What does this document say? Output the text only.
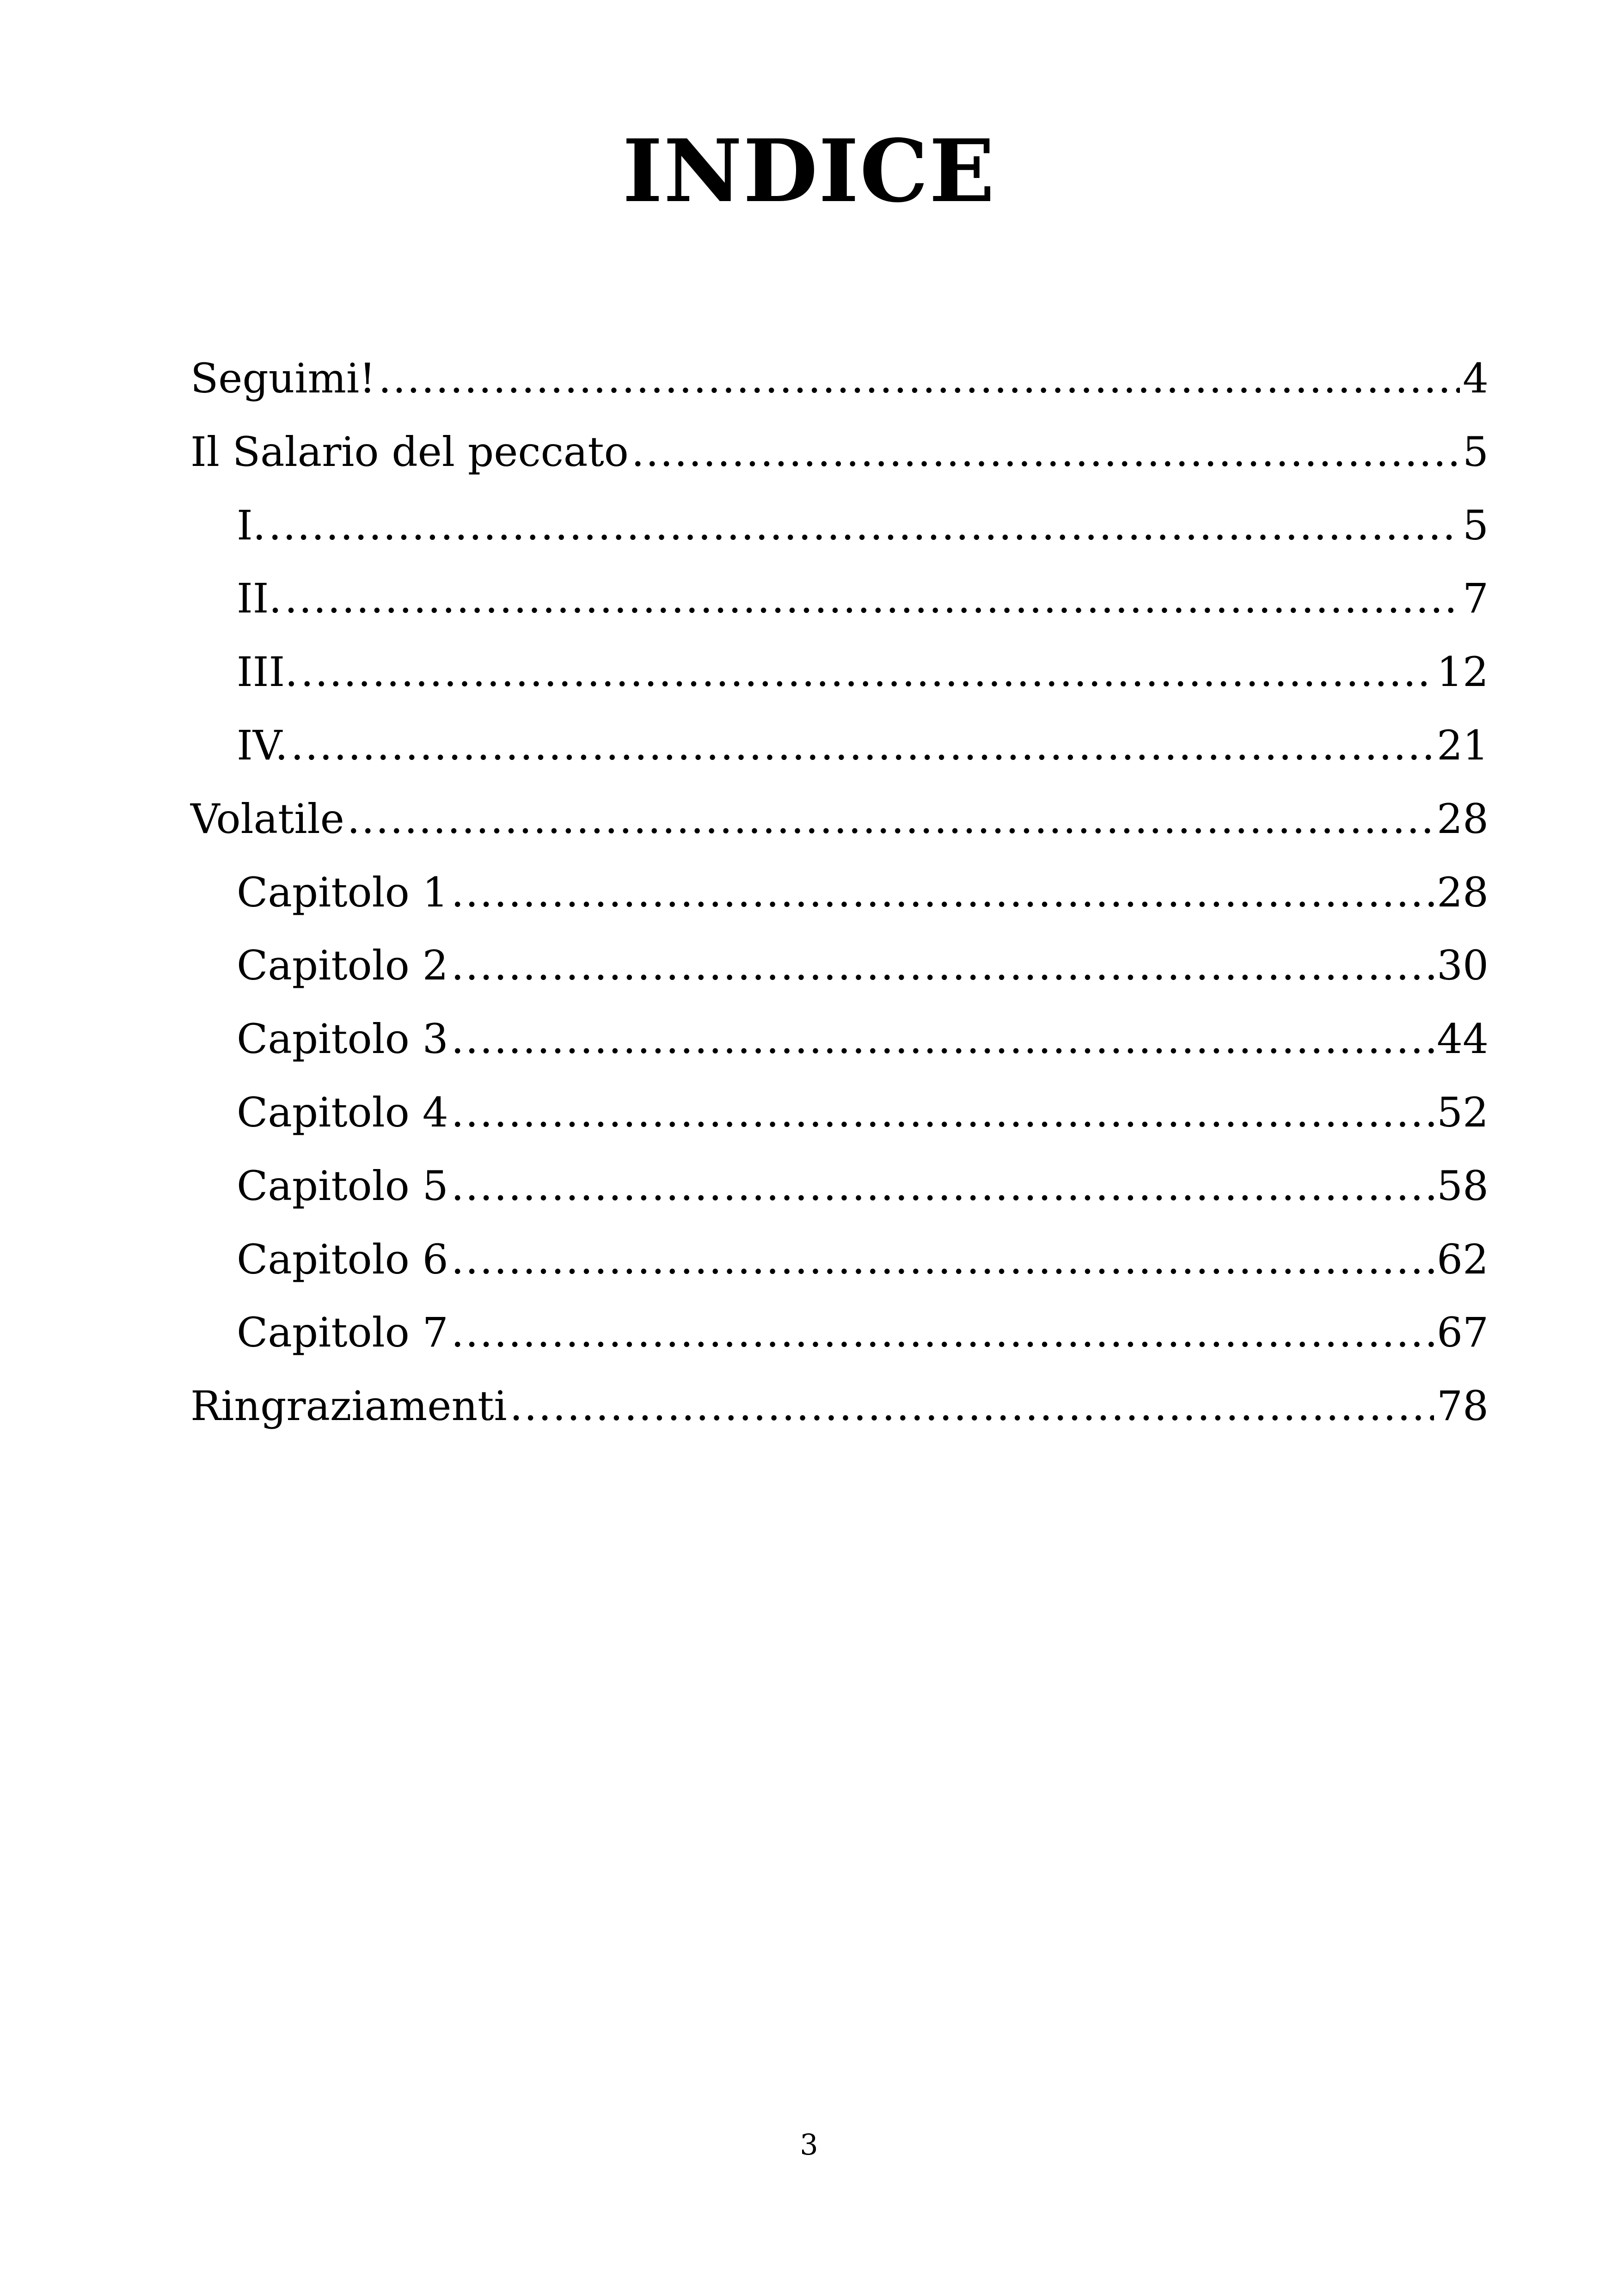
INDICE
Seguimi! .....	4
Il Salario del peccato .....	5
I. .....	5
II. .....	7
III. .....	12
IV. .....	21
Volatile .....	28
Capitolo 1 .....	28
Capitolo 2 .....	30
Capitolo 3 .....	44
Capitolo 4 .....	52
Capitolo 5 .....	58
Capitolo 6 .....	62
Capitolo 7 .....	67
Ringraziamenti .....	78
3
